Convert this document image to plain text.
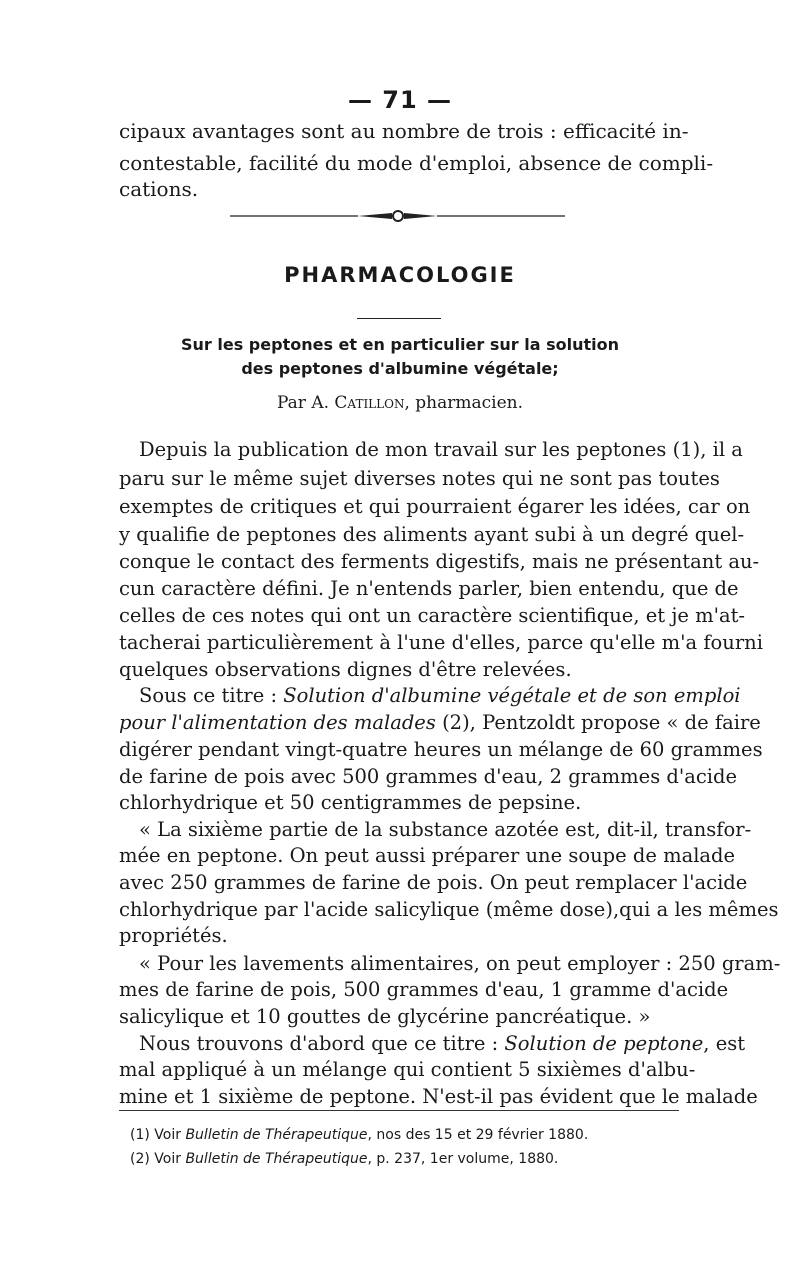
— 71 —
cipaux avantages sont au nombre de trois : efficacité in-
contestable, facilité du mode d'emploi, absence de compli-
cations.
PHARMACOLOGIE
Sur les peptones et en particulier sur la solution
des peptones d'albumine végétale;
Par A. Catillon, pharmacien.
Depuis la publication de mon travail sur les peptones (1), il a
paru sur le même sujet diverses notes qui ne sont pas toutes
exemptes de critiques et qui pourraient égarer les idées, car on
y qualifie de peptones des aliments ayant subi à un degré quel-
conque le contact des ferments digestifs, mais ne présentant au-
cun caractère défini. Je n'entends parler, bien entendu, que de
celles de ces notes qui ont un caractère scientifique, et je m'at-
tacherai particulièrement à l'une d'elles, parce qu'elle m'a fourni
quelques observations dignes d'être relevées.
Sous ce titre : Solution d'albumine végétale et de son emploi
pour l'alimentation des malades (2), Pentzoldt propose « de faire
digérer pendant vingt-quatre heures un mélange de 60 grammes
de farine de pois avec 500 grammes d'eau, 2 grammes d'acide
chlorhydrique et 50 centigrammes de pepsine.
« La sixième partie de la substance azotée est, dit-il, transfor-
mée en peptone. On peut aussi préparer une soupe de malade
avec 250 grammes de farine de pois. On peut remplacer l'acide
chlorhydrique par l'acide salicylique (même dose),qui a les mêmes
propriétés.
« Pour les lavements alimentaires, on peut employer : 250 gram-
mes de farine de pois, 500 grammes d'eau, 1 gramme d'acide
salicylique et 10 gouttes de glycérine pancréatique. »
Nous trouvons d'abord que ce titre : Solution de peptone, est
mal appliqué à un mélange qui contient 5 sixièmes d'albu-
mine et 1 sixième de peptone. N'est-il pas évident que le malade
(1) Voir Bulletin de Thérapeutique, nos des 15 et 29 février 1880.
(2) Voir Bulletin de Thérapeutique, p. 237, 1er volume, 1880.
